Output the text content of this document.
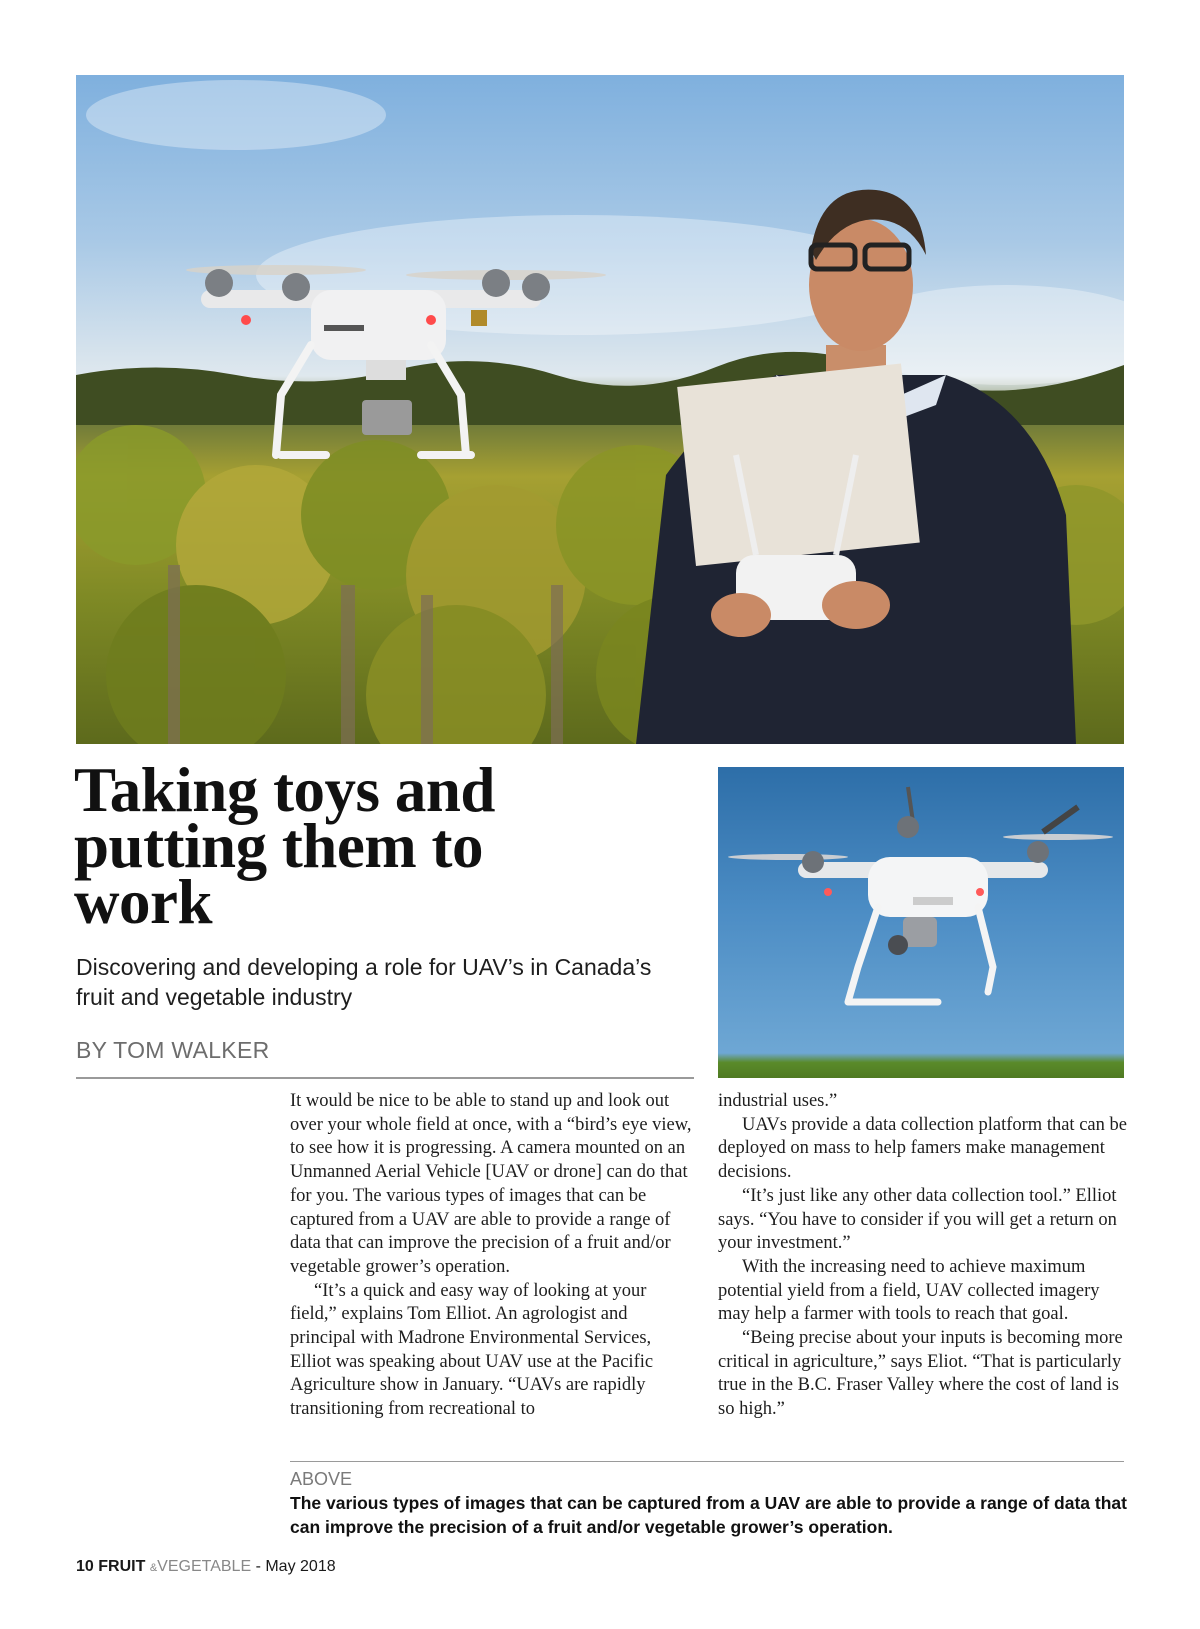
Taking toys and putting them to work

Discovering and developing a role for UAV’s in Canada’s fruit and vegetable industry

BY TOM WALKER

It would be nice to be able to stand up and look out over your whole field at once, with a “bird’s eye view, to see how it is progressing. A camera mounted on an Unmanned Aerial Vehicle [UAV or drone] can do that for you. The various types of images that can be captured from a UAV are able to provide a range of data that can improve the precision of a fruit and/or vegetable grower’s operation.

“It’s a quick and easy way of looking at your field,” explains Tom Elliot. An agrologist and principal with Madrone Environmental Services, Elliot was speaking about UAV use at the Pacific Agriculture show in January. “UAVs are rapidly transitioning from recreational to

industrial uses.”

UAVs provide a data collection platform that can be deployed on mass to help famers make management decisions.

“It’s just like any other data collection tool.” Elliot says. “You have to consider if you will get a return on your investment.”

With the increasing need to achieve maximum potential yield from a field, UAV collected imagery may help a farmer with tools to reach that goal.

“Being precise about your inputs is becoming more critical in agriculture,” says Eliot. “That is particularly true in the B.C. Fraser Valley where the cost of land is so high.”

ABOVE

The various types of images that can be captured from a UAV are able to provide a range of data that can improve the precision of a fruit and/or vegetable grower’s operation.

10 FRUIT &VEGETABLE - May 2018
